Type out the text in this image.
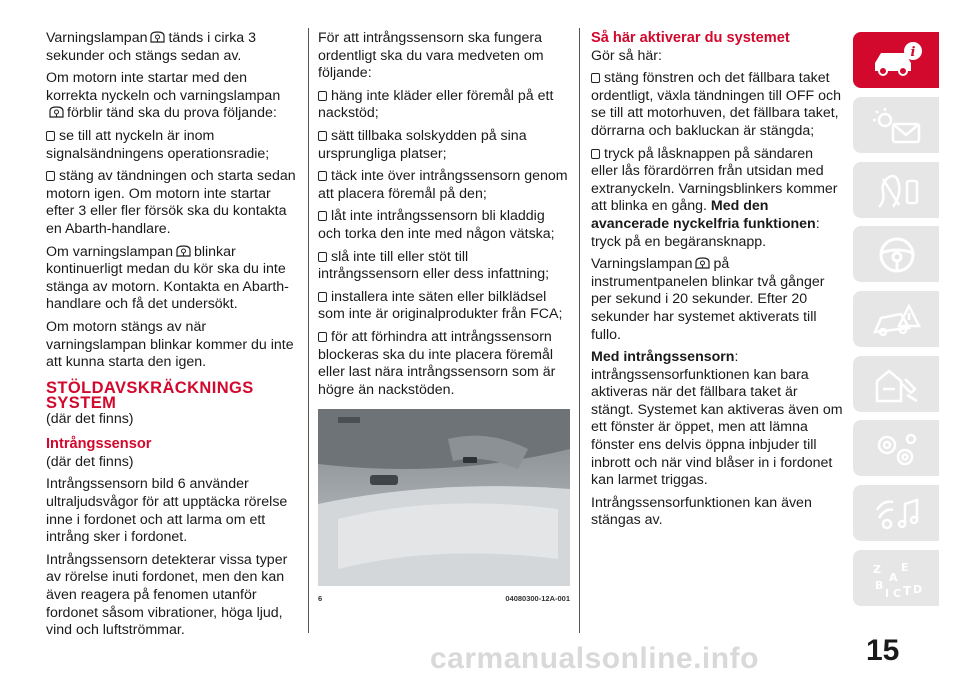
Varningslampan tänds i cirka 3 sekunder och stängs sedan av.

Om motorn inte startar med den korrekta nyckeln och varningslampan förblir tänd ska du prova följande:

se till att nyckeln är inom signalsändningens operationsradie;

stäng av tändningen och starta sedan motorn igen. Om motorn inte startar efter 3 eller fler försök ska du kontakta en Abarth-handlare.

Om varningslampan blinkar kontinuerligt medan du kör ska du inte stänga av motorn. Kontakta en Abarth-handlare och få det undersökt.

Om motorn stängs av när varningslampan blinkar kommer du inte att kunna starta den igen.

STÖLDAVSKRÄCKNINGS SYSTEM

(där det finns)

Intrångssensor

(där det finns)

Intrångssensorn bild 6 använder ultraljudsvågor för att upptäcka rörelse inne i fordonet och att larma om ett intrång sker i fordonet.

Intrångssensorn detekterar vissa typer av rörelse inuti fordonet, men den kan även reagera på fenomen utanför fordonet såsom vibrationer, höga ljud, vind och luftströmmar.

För att intrångssensorn ska fungera ordentligt ska du vara medveten om följande:

häng inte kläder eller föremål på ett nackstöd;

sätt tillbaka solskydden på sina ursprungliga platser;

täck inte över intrångssensorn genom att placera föremål på den;

låt inte intrångssensorn bli kladdig och torka den inte med någon vätska;

slå inte till eller stöt till intrångssensorn eller dess infattning;

installera inte säten eller bilklädsel som inte är originalprodukter från FCA;

för att förhindra att intrångssensorn blockeras ska du inte placera föremål eller last nära intrångssensorn som är högre än nackstöden.

6	04080300-12A-001
Så här aktiverar du systemet

Gör så här:

stäng fönstren och det fällbara taket ordentligt, växla tändningen till OFF och se till att motorhuven, det fällbara taket, dörrarna och bakluckan är stängda;

tryck på låsknappen på sändaren eller lås förardörren från utsidan med extranyckeln. Varningsblinkers kommer att blinka en gång. Med den avancerade nyckelfria funktionen: tryck på en begäransknapp.

Varningslampan på instrumentpanelen blinkar två gånger per sekund i 20 sekunder. Efter 20 sekunder har systemet aktiverats till fullo.

Med intrångssensorn: intrångssensorfunktionen kan bara aktiveras när det fällbara taket är stängt. Systemet kan aktiveras även om ett fönster är öppet, men att lämna fönster ens delvis öppna inbjuder till inbrott och när vind blåser in i fordonet kan larmet triggas.

Intrångssensorfunktionen kan även stängas av.

i
Z E
A
B
I C T D
carmanualsonline.info	15
